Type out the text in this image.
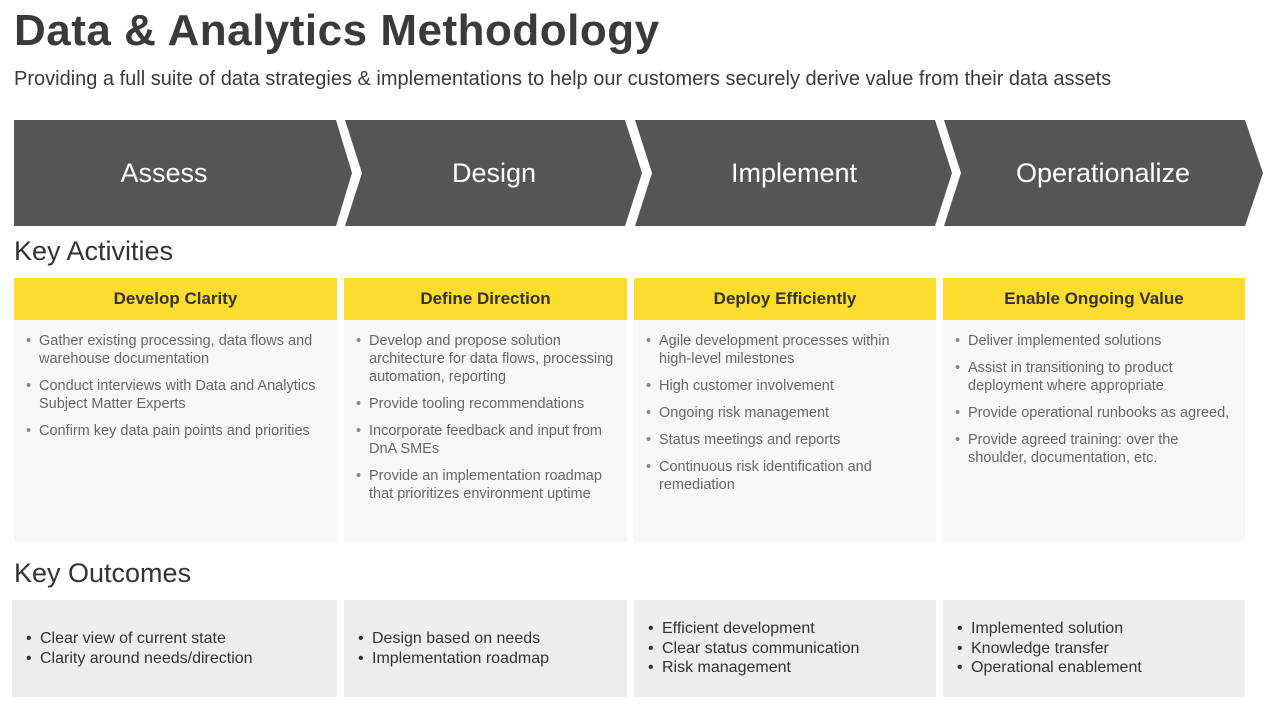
Data & Analytics Methodology
Providing a full suite of data strategies & implementations to help our customers securely derive value from their data assets
Assess	Design	Implement	Operationalize
Key Activities
Develop Clarity
• Gather existing processing, data flows and warehouse documentation
• Conduct interviews with Data and Analytics Subject Matter Experts
• Confirm key data pain points and priorities
Define Direction
• Develop and propose solution architecture for data flows, processing automation, reporting
• Provide tooling recommendations
• Incorporate feedback and input from DnA SMEs
• Provide an implementation roadmap that prioritizes environment uptime
Deploy Efficiently
• Agile development processes within high-level milestones
• High customer involvement
• Ongoing risk management
• Status meetings and reports
• Continuous risk identification and remediation
Enable Ongoing Value
• Deliver implemented solutions
• Assist in transitioning to product deployment where appropriate
• Provide operational runbooks as agreed,
• Provide agreed training: over the shoulder, documentation, etc.
Key Outcomes
• Clear view of current state
• Clarity around needs/direction
• Design based on needs
• Implementation roadmap
• Efficient development
• Clear status communication
• Risk management
• Implemented solution
• Knowledge transfer
• Operational enablement
